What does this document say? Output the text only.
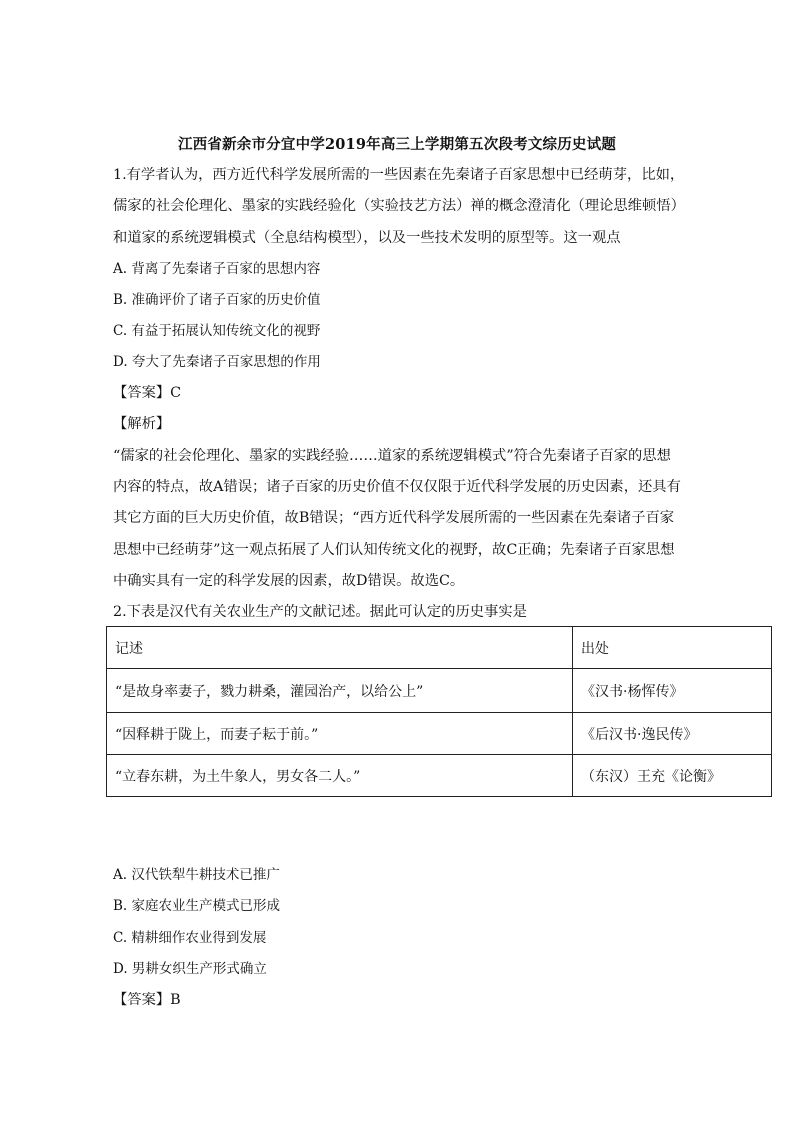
江西省新余市分宜中学2019年高三上学期第五次段考文综历史试题
1.有学者认为，西方近代科学发展所需的一些因素在先秦诸子百家思想中已经萌芽，比如，
儒家的社会伦理化、墨家的实践经验化（实验技艺方法）禅的概念澄清化（理论思维顿悟）
和道家的系统逻辑模式（全息结构模型），以及一些技术发明的原型等。这一观点
A. 背离了先秦诸子百家的思想内容
B. 准确评价了诸子百家的历史价值
C. 有益于拓展认知传统文化的视野
D. 夸大了先秦诸子百家思想的作用
【答案】C
【解析】
“儒家的社会伦理化、墨家的实践经验……道家的系统逻辑模式”符合先秦诸子百家的思想
内容的特点，故A错误；诸子百家的历史价值不仅仅限于近代科学发展的历史因素，还具有
其它方面的巨大历史价值，故B错误；“西方近代科学发展所需的一些因素在先秦诸子百家
思想中已经萌芽”这一观点拓展了人们认知传统文化的视野，故C正确；先秦诸子百家思想
中确实具有一定的科学发展的因素，故D错误。故选C。
2.下表是汉代有关农业生产的文献记述。据此可认定的历史事实是
记述	出处
“是故身率妻子，戮力耕桑，灌园治产，以给公上”	《汉书·杨恽传》
“因释耕于陇上，而妻子耘于前。”	《后汉书·逸民传》
“立春东耕，为土牛象人，男女各二人。”	（东汉）王充《论衡》
A. 汉代铁犁牛耕技术已推广
B. 家庭农业生产模式已形成
C. 精耕细作农业得到发展
D. 男耕女织生产形式确立
【答案】B
